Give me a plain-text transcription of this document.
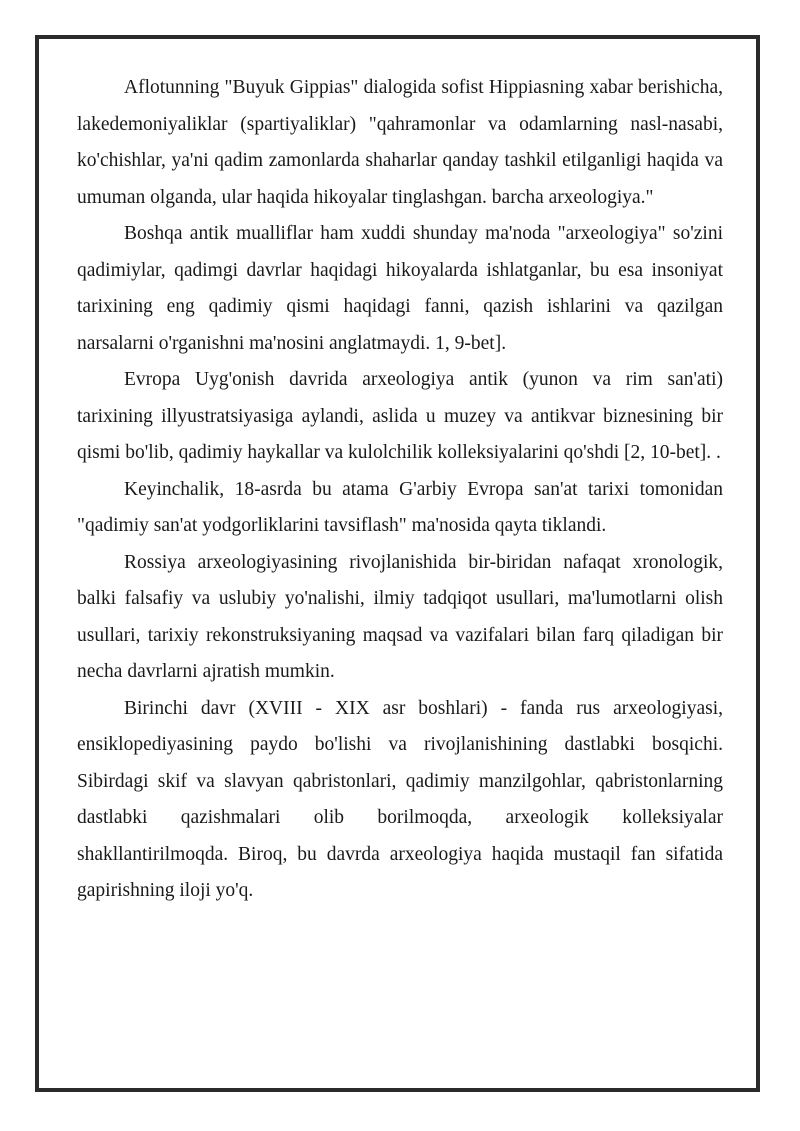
Aflotunning "Buyuk Gippias" dialogida sofist Hippiasning xabar berishicha, lakedemoniyaliklar (spartiyaliklar) "qahramonlar va odamlarning nasl-nasabi, ko'chishlar, ya'ni qadim zamonlarda shaharlar qanday tashkil etilganligi haqida va umuman olganda, ular haqida hikoyalar tinglashgan. barcha arxeologiya."

Boshqa antik mualliflar ham xuddi shunday ma'noda "arxeologiya" so'zini qadimiylar, qadimgi davrlar haqidagi hikoyalarda ishlatganlar, bu esa insoniyat tarixining eng qadimiy qismi haqidagi fanni, qazish ishlarini va qazilgan narsalarni o'rganishni ma'nosini anglatmaydi. 1, 9-bet].

Evropa Uyg'onish davrida arxeologiya antik (yunon va rim san'ati) tarixining illyustratsiyasiga aylandi, aslida u muzey va antikvar biznesining bir qismi bo'lib, qadimiy haykallar va kulolchilik kolleksiyalarini qo'shdi [2, 10-bet]. .

Keyinchalik, 18-asrda bu atama G'arbiy Evropa san'at tarixi tomonidan "qadimiy san'at yodgorliklarini tavsiflash" ma'nosida qayta tiklandi.

Rossiya arxeologiyasining rivojlanishida bir-biridan nafaqat xronologik, balki falsafiy va uslubiy yo'nalishi, ilmiy tadqiqot usullari, ma'lumotlarni olish usullari, tarixiy rekonstruksiyaning maqsad va vazifalari bilan farq qiladigan bir necha davrlarni ajratish mumkin.

Birinchi davr (XVIII - XIX asr boshlari) - fanda rus arxeologiyasi, ensiklopediyasining paydo bo'lishi va rivojlanishining dastlabki bosqichi. Sibirdagi skif va slavyan qabristonlari, qadimiy manzilgohlar, qabristonlarning dastlabki qazishmalari olib borilmoqda, arxeologik kolleksiyalar shakllantirilmoqda. Biroq, bu davrda arxeologiya haqida mustaqil fan sifatida gapirishning iloji yo'q.
